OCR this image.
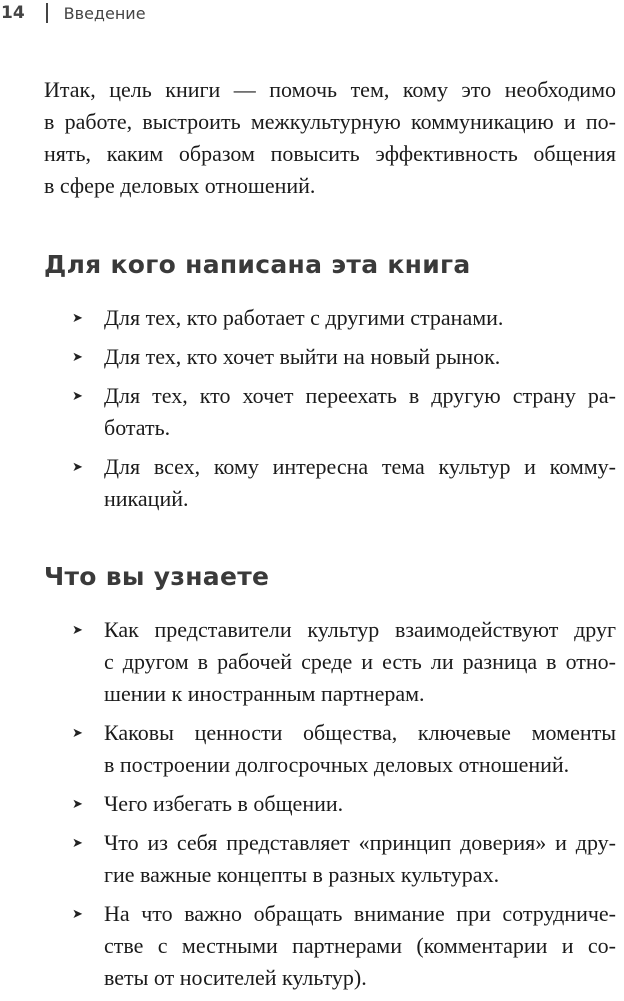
14 Введение

Итак, цель книги — помочь тем, кому это необходимо
в работе, выстроить межкультурную коммуникацию и по-
нять, каким образом повысить эффективность общения
в сфере деловых отношений.

Для кого написана эта книга
➤ Для тех, кто работает с другими странами.
➤ Для тех, кто хочет выйти на новый рынок.
➤ Для тех, кто хочет переехать в другую страну ра-
ботать.
➤ Для всех, кому интересна тема культур и комму-
никаций.
Что вы узнаете
➤ Как представители культур взаимодействуют друг
с другом в рабочей среде и есть ли разница в отно-
шении к иностранным партнерам.
➤ Каковы ценности общества, ключевые моменты
в построении долгосрочных деловых отношений.
➤ Чего избегать в общении.
➤ Что из себя представляет «принцип доверия» и дру-
гие важные концепты в разных культурах.
➤ На что важно обращать внимание при сотрудниче-
стве с местными партнерами (комментарии и со-
веты от носителей культур).
